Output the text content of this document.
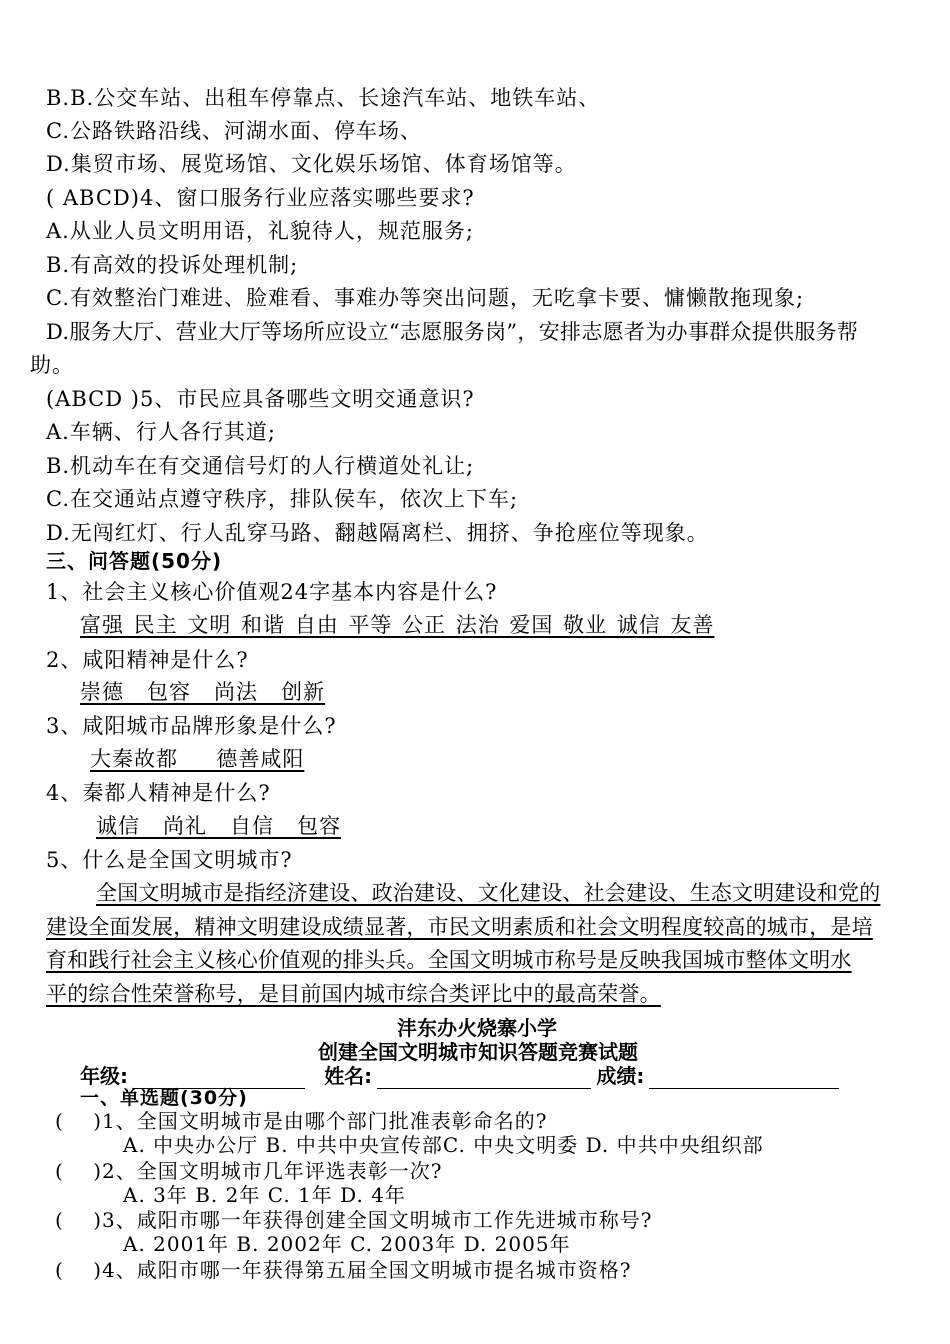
B.B.公交车站、出租车停靠点、长途汽车站、地铁车站、
C.公路铁路沿线、河湖水面、停车场、
D.集贸市场、展览场馆、文化娱乐场馆、体育场馆等。
( ABCD)4、窗口服务行业应落实哪些要求?
A.从业人员文明用语，礼貌待人，规范服务;
B.有高效的投诉处理机制;
C.有效整治门难进、脸难看、事难办等突出问题，无吃拿卡要、慵懒散拖现象;
D.服务大厅、营业大厅等场所应设立“志愿服务岗”，安排志愿者为办事群众提供服务帮
助。
(ABCD )5、市民应具备哪些文明交通意识?
A.车辆、行人各行其道;
B.机动车在有交通信号灯的人行横道处礼让;
C.在交通站点遵守秩序，排队侯车，依次上下车;
D.无闯红灯、行人乱穿马路、翻越隔离栏、拥挤、争抢座位等现象。
三、问答题(50分)
1、社会主义核心价值观24字基本内容是什么?
富强 民主 文明 和谐 自由 平等 公正 法治 爱国 敬业 诚信 友善
2、咸阳精神是什么?
崇德   包容   尚法   创新
3、咸阳城市品牌形象是什么?
大秦故都     德善咸阳
4、秦都人精神是什么?
诚信   尚礼   自信   包容
5、什么是全国文明城市?
全国文明城市是指经济建设、政治建设、文化建设、社会建设、生态文明建设和党的
建设全面发展，精神文明建设成绩显著，市民文明素质和社会文明程度较高的城市，是培
育和践行社会主义核心价值观的排头兵。全国文明城市称号是反映我国城市整体文明水
平的综合性荣誉称号，是目前国内城市综合类评比中的最高荣誉。
沣东办火烧寨小学
创建全国文明城市知识答题竞赛试题
年级:	姓名:	成绩:
一、单选题(30分)
(    )1、全国文明城市是由哪个部门批准表彰命名的?
A. 中央办公厅 B. 中共中央宣传部C. 中央文明委 D. 中共中央组织部
(    )2、全国文明城市几年评选表彰一次?
A. 3年 B. 2年 C. 1年 D. 4年
(    )3、咸阳市哪一年获得创建全国文明城市工作先进城市称号?
A. 2001年 B. 2002年 C. 2003年 D. 2005年
(    )4、咸阳市哪一年获得第五届全国文明城市提名城市资格?
